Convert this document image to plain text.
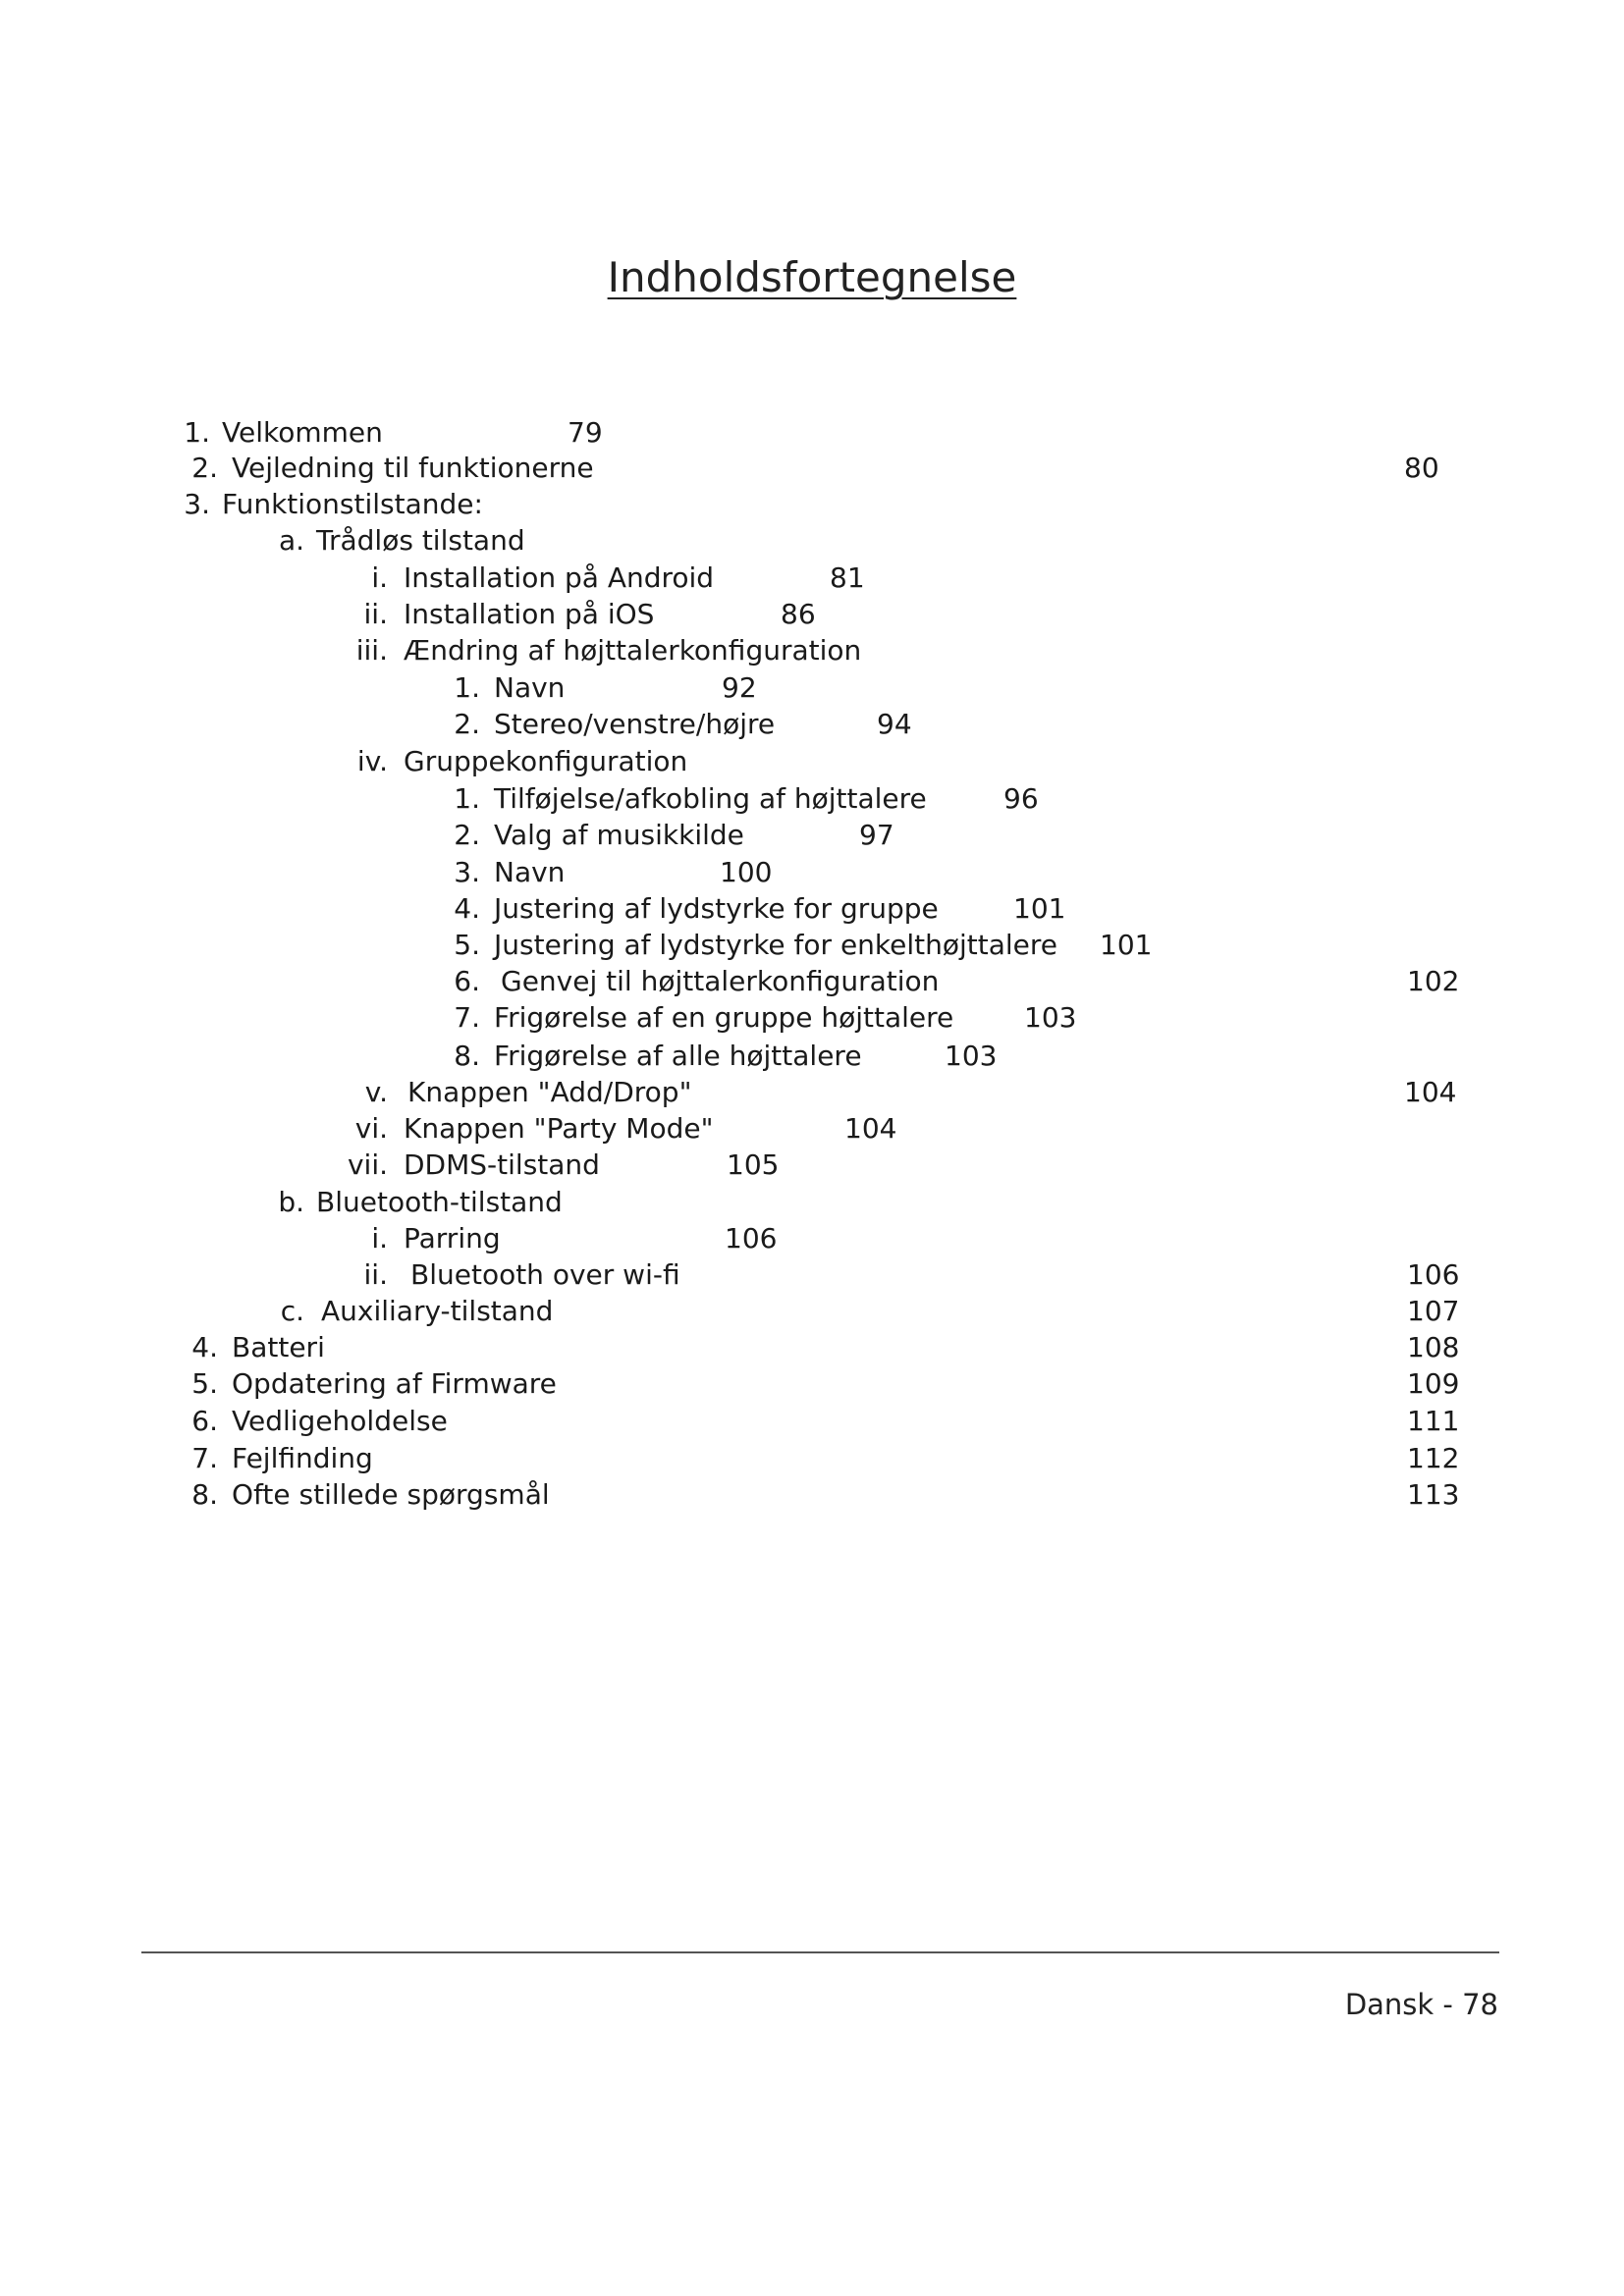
Indholdsfortegnelse
1. Velkommen	79
2. Vejledning til funktionerne	80
3. Funktionstilstande:
a. Trådløs tilstand
i. Installation på Android	81
ii. Installation på iOS	86
iii. Ændring af højttalerkonfiguration
1. Navn	92
2. Stereo/venstre/højre	94
iv. Gruppekonfiguration
1. Tilføjelse/afkobling af højttalere	96
2. Valg af musikkilde	97
3. Navn	100
4. Justering af lydstyrke for gruppe	101
5. Justering af lydstyrke for enkelthøjttalere 101
6. Genvej til højttalerkonfiguration	102
7. Frigørelse af en gruppe højttalere	103
8. Frigørelse af alle højttalere	103
v. Knappen "Add/Drop"	104
vi. Knappen "Party Mode"	104
vii. DDMS-tilstand	105
b. Bluetooth-tilstand
i. Parring	106
ii. Bluetooth over wi-fi	106
c. Auxiliary-tilstand	107
4. Batteri	108
5. Opdatering af Firmware	109
6. Vedligeholdelse	111
7. Fejlfinding	112
8. Ofte stillede spørgsmål	113
Dansk - 78
